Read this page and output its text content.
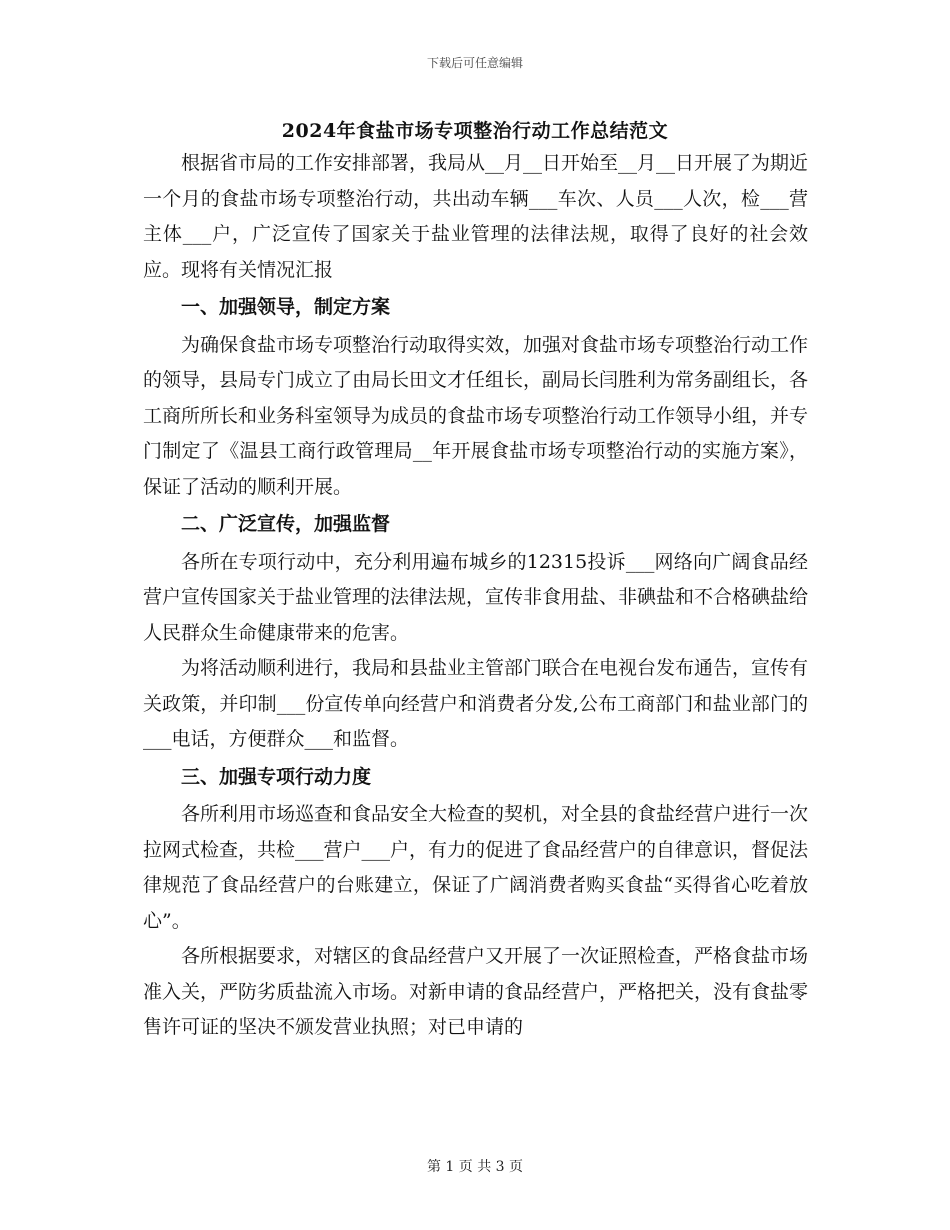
下载后可任意编辑
2024年食盐市场专项整治行动工作总结范文

根据省市局的工作安排部署，我局从__月__日开始至__月__日开展了为期近一个月的食盐市场专项整治行动，共出动车辆___车次、人员___人次，检___营主体___户，广泛宣传了国家关于盐业管理的法律法规，取得了良好的社会效应。现将有关情况汇报

一、加强领导，制定方案

为确保食盐市场专项整治行动取得实效，加强对食盐市场专项整治行动工作的领导，县局专门成立了由局长田文才任组长，副局长闫胜利为常务副组长，各工商所所长和业务科室领导为成员的食盐市场专项整治行动工作领导小组，并专门制定了《温县工商行政管理局__年开展食盐市场专项整治行动的实施方案》，保证了活动的顺利开展。

二、广泛宣传，加强监督

各所在专项行动中，充分利用遍布城乡的12315投诉___网络向广阔食品经营户宣传国家关于盐业管理的法律法规，宣传非食用盐、非碘盐和不合格碘盐给人民群众生命健康带来的危害。

为将活动顺利进行，我局和县盐业主管部门联合在电视台发布通告，宣传有关政策，并印制___份宣传单向经营户和消费者分发,公布工商部门和盐业部门的___电话，方便群众___和监督。

三、加强专项行动力度

各所利用市场巡查和食品安全大检查的契机，对全县的食盐经营户进行一次拉网式检查，共检___营户___户，有力的促进了食品经营户的自律意识，督促法律规范了食品经营户的台账建立，保证了广阔消费者购买食盐“买得省心吃着放心”。

各所根据要求，对辖区的食品经营户又开展了一次证照检查，严格食盐市场准入关，严防劣质盐流入市场。对新申请的食品经营户，严格把关，没有食盐零售许可证的坚决不颁发营业执照；对已申请的

第 1 页 共 3 页
